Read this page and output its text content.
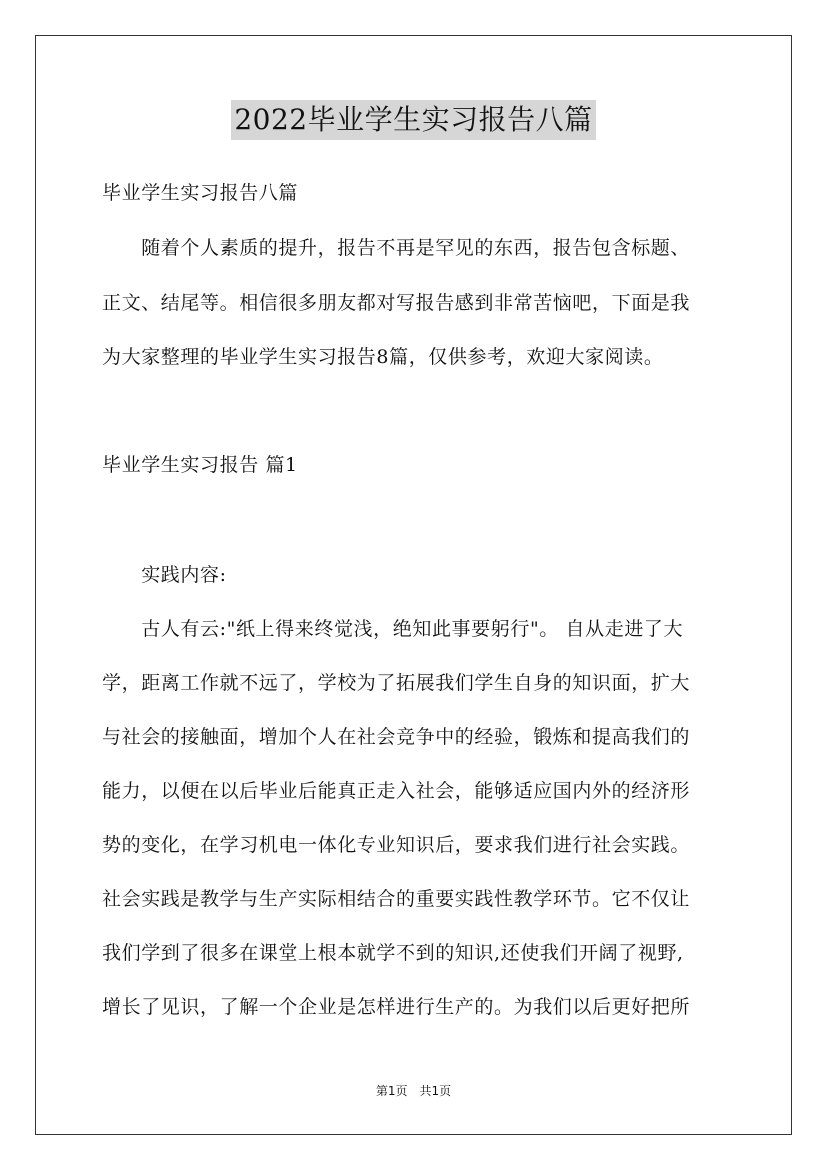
2022毕业学生实习报告八篇
毕业学生实习报告八篇
　　随着个人素质的提升，报告不再是罕见的东西，报告包含标题、
正文、结尾等。相信很多朋友都对写报告感到非常苦恼吧，下面是我
为大家整理的毕业学生实习报告8篇，仅供参考，欢迎大家阅读。
毕业学生实习报告 篇1
　　实践内容:
　　古人有云:"纸上得来终觉浅，绝知此事要躬行"。 自从走进了大
学，距离工作就不远了，学校为了拓展我们学生自身的知识面，扩大
与社会的接触面，增加个人在社会竞争中的经验，锻炼和提高我们的
能力，以便在以后毕业后能真正走入社会，能够适应国内外的经济形
势的变化，在学习机电一体化专业知识后，要求我们进行社会实践。
社会实践是教学与生产实际相结合的重要实践性教学环节。它不仅让
我们学到了很多在课堂上根本就学不到的知识,还使我们开阔了视野,
增长了见识，了解一个企业是怎样进行生产的。为我们以后更好把所
第1页　共1页
